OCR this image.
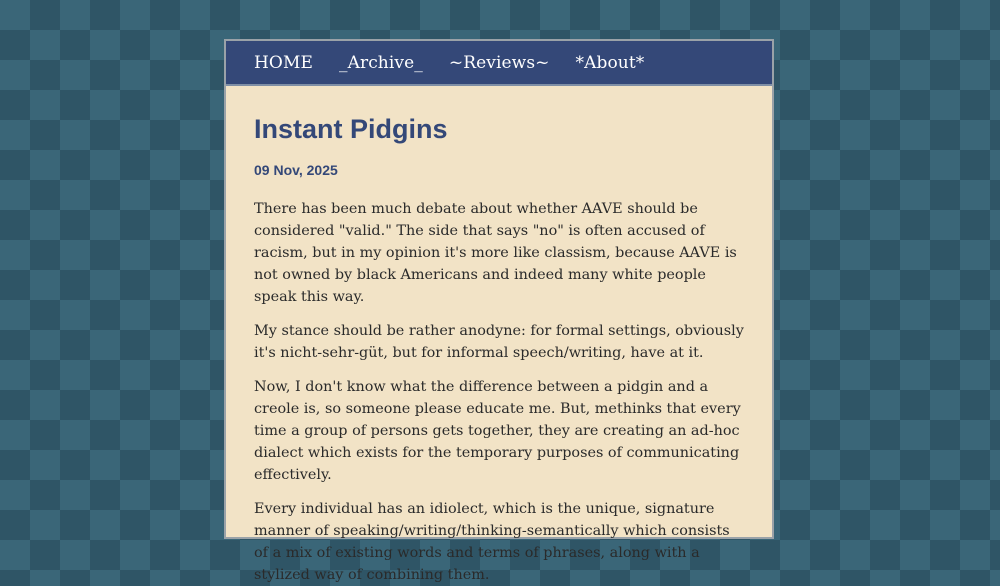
HOME _Archive_ ~Reviews~ *About*
Instant Pidgins
09 Nov, 2025

There has been much debate about whether AAVE should be considered "valid." The side that says "no" is often accused of racism, but in my opinion it's more like classism, because AAVE is not owned by black Americans and indeed many white people speak this way.

My stance should be rather anodyne: for formal settings, obviously it's nicht-sehr-güt, but for informal speech/writing, have at it.

Now, I don't know what the difference between a pidgin and a creole is, so someone please educate me. But, methinks that every time a group of persons gets together, they are creating an ad-hoc dialect which exists for the temporary purposes of communicating effectively.

Every individual has an idiolect, which is the unique, signature manner of speaking/writing/thinking-semantically which consists of a mix of existing words and terms of phrases, along with a stylized way of combining them.
